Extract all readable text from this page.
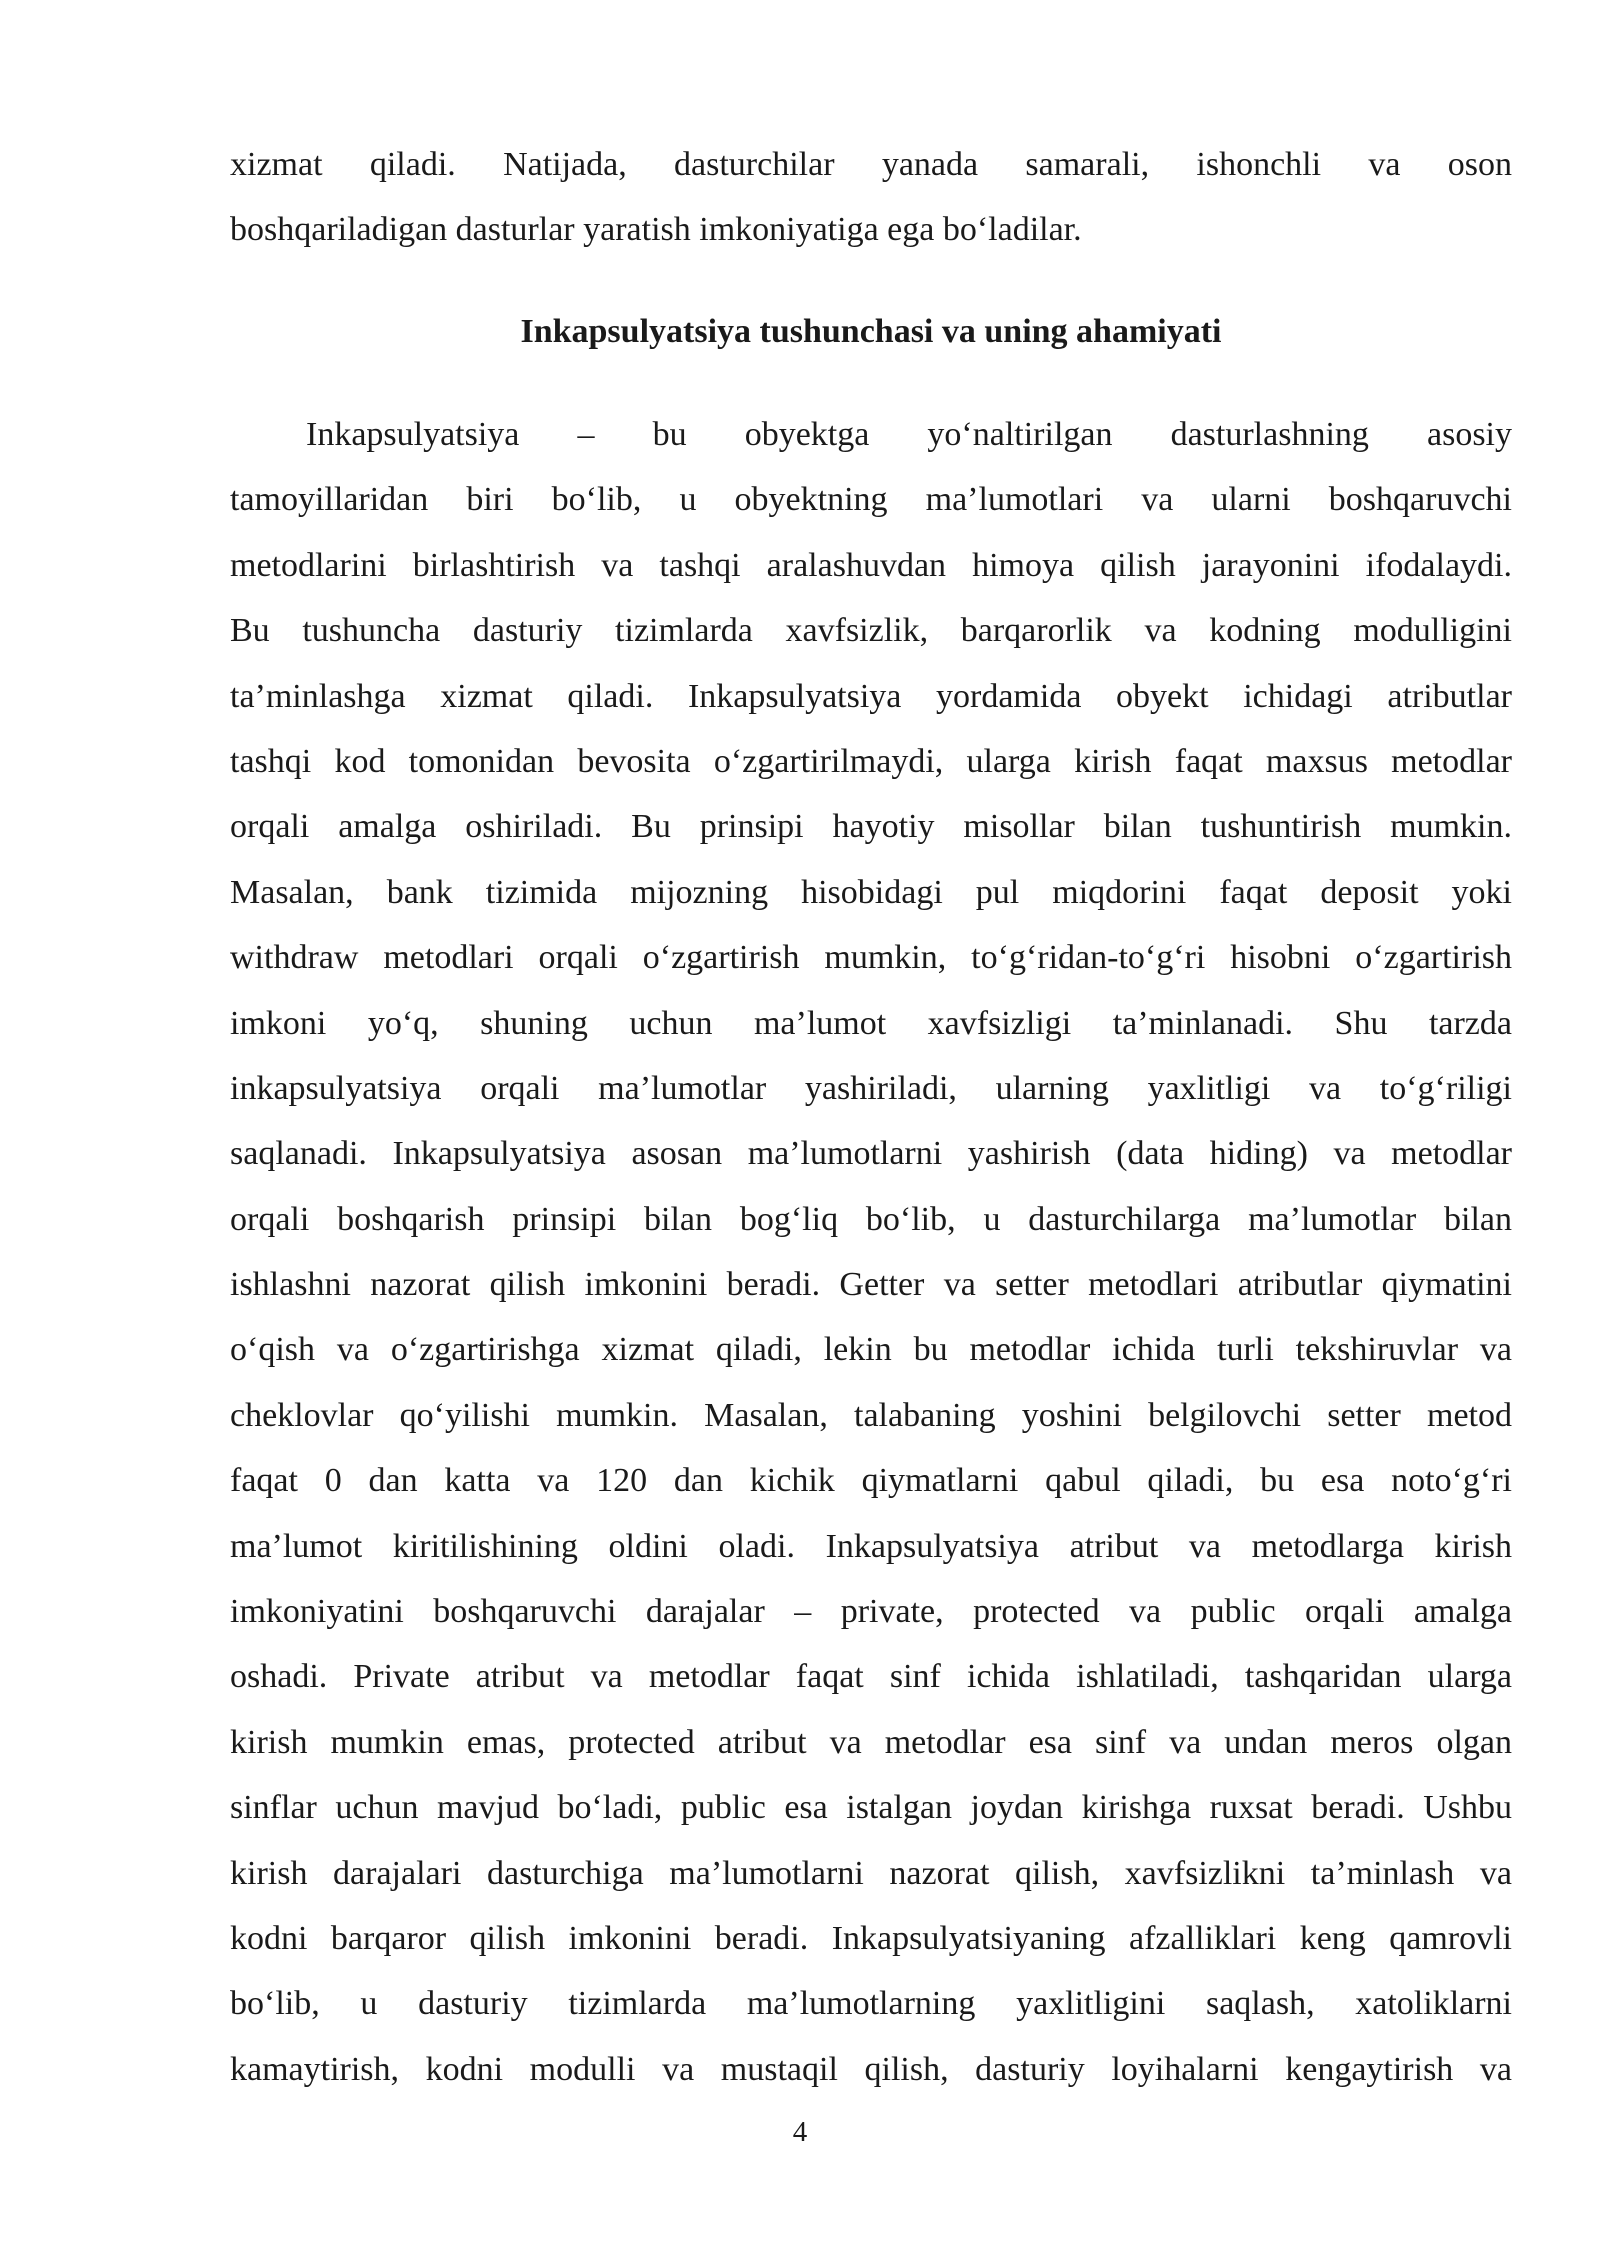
xizmat qiladi. Natijada, dasturchilar yanada samarali, ishonchli va oson
boshqariladigan dasturlar yaratish imkoniyatiga ega bo‘ladilar.
Inkapsulyatsiya tushunchasi va uning ahamiyati
Inkapsulyatsiya – bu obyektga yo‘naltirilgan dasturlashning asosiy
tamoyillaridan biri bo‘lib, u obyektning ma’lumotlari va ularni boshqaruvchi
metodlarini birlashtirish va tashqi aralashuvdan himoya qilish jarayonini ifodalaydi.
Bu tushuncha dasturiy tizimlarda xavfsizlik, barqarorlik va kodning modulligini
ta’minlashga xizmat qiladi. Inkapsulyatsiya yordamida obyekt ichidagi atributlar
tashqi kod tomonidan bevosita o‘zgartirilmaydi, ularga kirish faqat maxsus metodlar
orqali amalga oshiriladi. Bu prinsipi hayotiy misollar bilan tushuntirish mumkin.
Masalan, bank tizimida mijozning hisobidagi pul miqdorini faqat deposit yoki
withdraw metodlari orqali o‘zgartirish mumkin, to‘g‘ridan-to‘g‘ri hisobni o‘zgartirish
imkoni yo‘q, shuning uchun ma’lumot xavfsizligi ta’minlanadi. Shu tarzda
inkapsulyatsiya orqali ma’lumotlar yashiriladi, ularning yaxlitligi va to‘g‘riligi
saqlanadi. Inkapsulyatsiya asosan ma’lumotlarni yashirish (data hiding) va metodlar
orqali boshqarish prinsipi bilan bog‘liq bo‘lib, u dasturchilarga ma’lumotlar bilan
ishlashni nazorat qilish imkonini beradi. Getter va setter metodlari atributlar qiymatini
o‘qish va o‘zgartirishga xizmat qiladi, lekin bu metodlar ichida turli tekshiruvlar va
cheklovlar qo‘yilishi mumkin. Masalan, talabaning yoshini belgilovchi setter metod
faqat 0 dan katta va 120 dan kichik qiymatlarni qabul qiladi, bu esa noto‘g‘ri
ma’lumot kiritilishining oldini oladi. Inkapsulyatsiya atribut va metodlarga kirish
imkoniyatini boshqaruvchi darajalar – private, protected va public orqali amalga
oshadi. Private atribut va metodlar faqat sinf ichida ishlatiladi, tashqaridan ularga
kirish mumkin emas, protected atribut va metodlar esa sinf va undan meros olgan
sinflar uchun mavjud bo‘ladi, public esa istalgan joydan kirishga ruxsat beradi. Ushbu
kirish darajalari dasturchiga ma’lumotlarni nazorat qilish, xavfsizlikni ta’minlash va
kodni barqaror qilish imkonini beradi. Inkapsulyatsiyaning afzalliklari keng qamrovli
bo‘lib, u dasturiy tizimlarda ma’lumotlarning yaxlitligini saqlash, xatoliklarni
kamaytirish, kodni modulli va mustaqil qilish, dasturiy loyihalarni kengaytirish va
4
